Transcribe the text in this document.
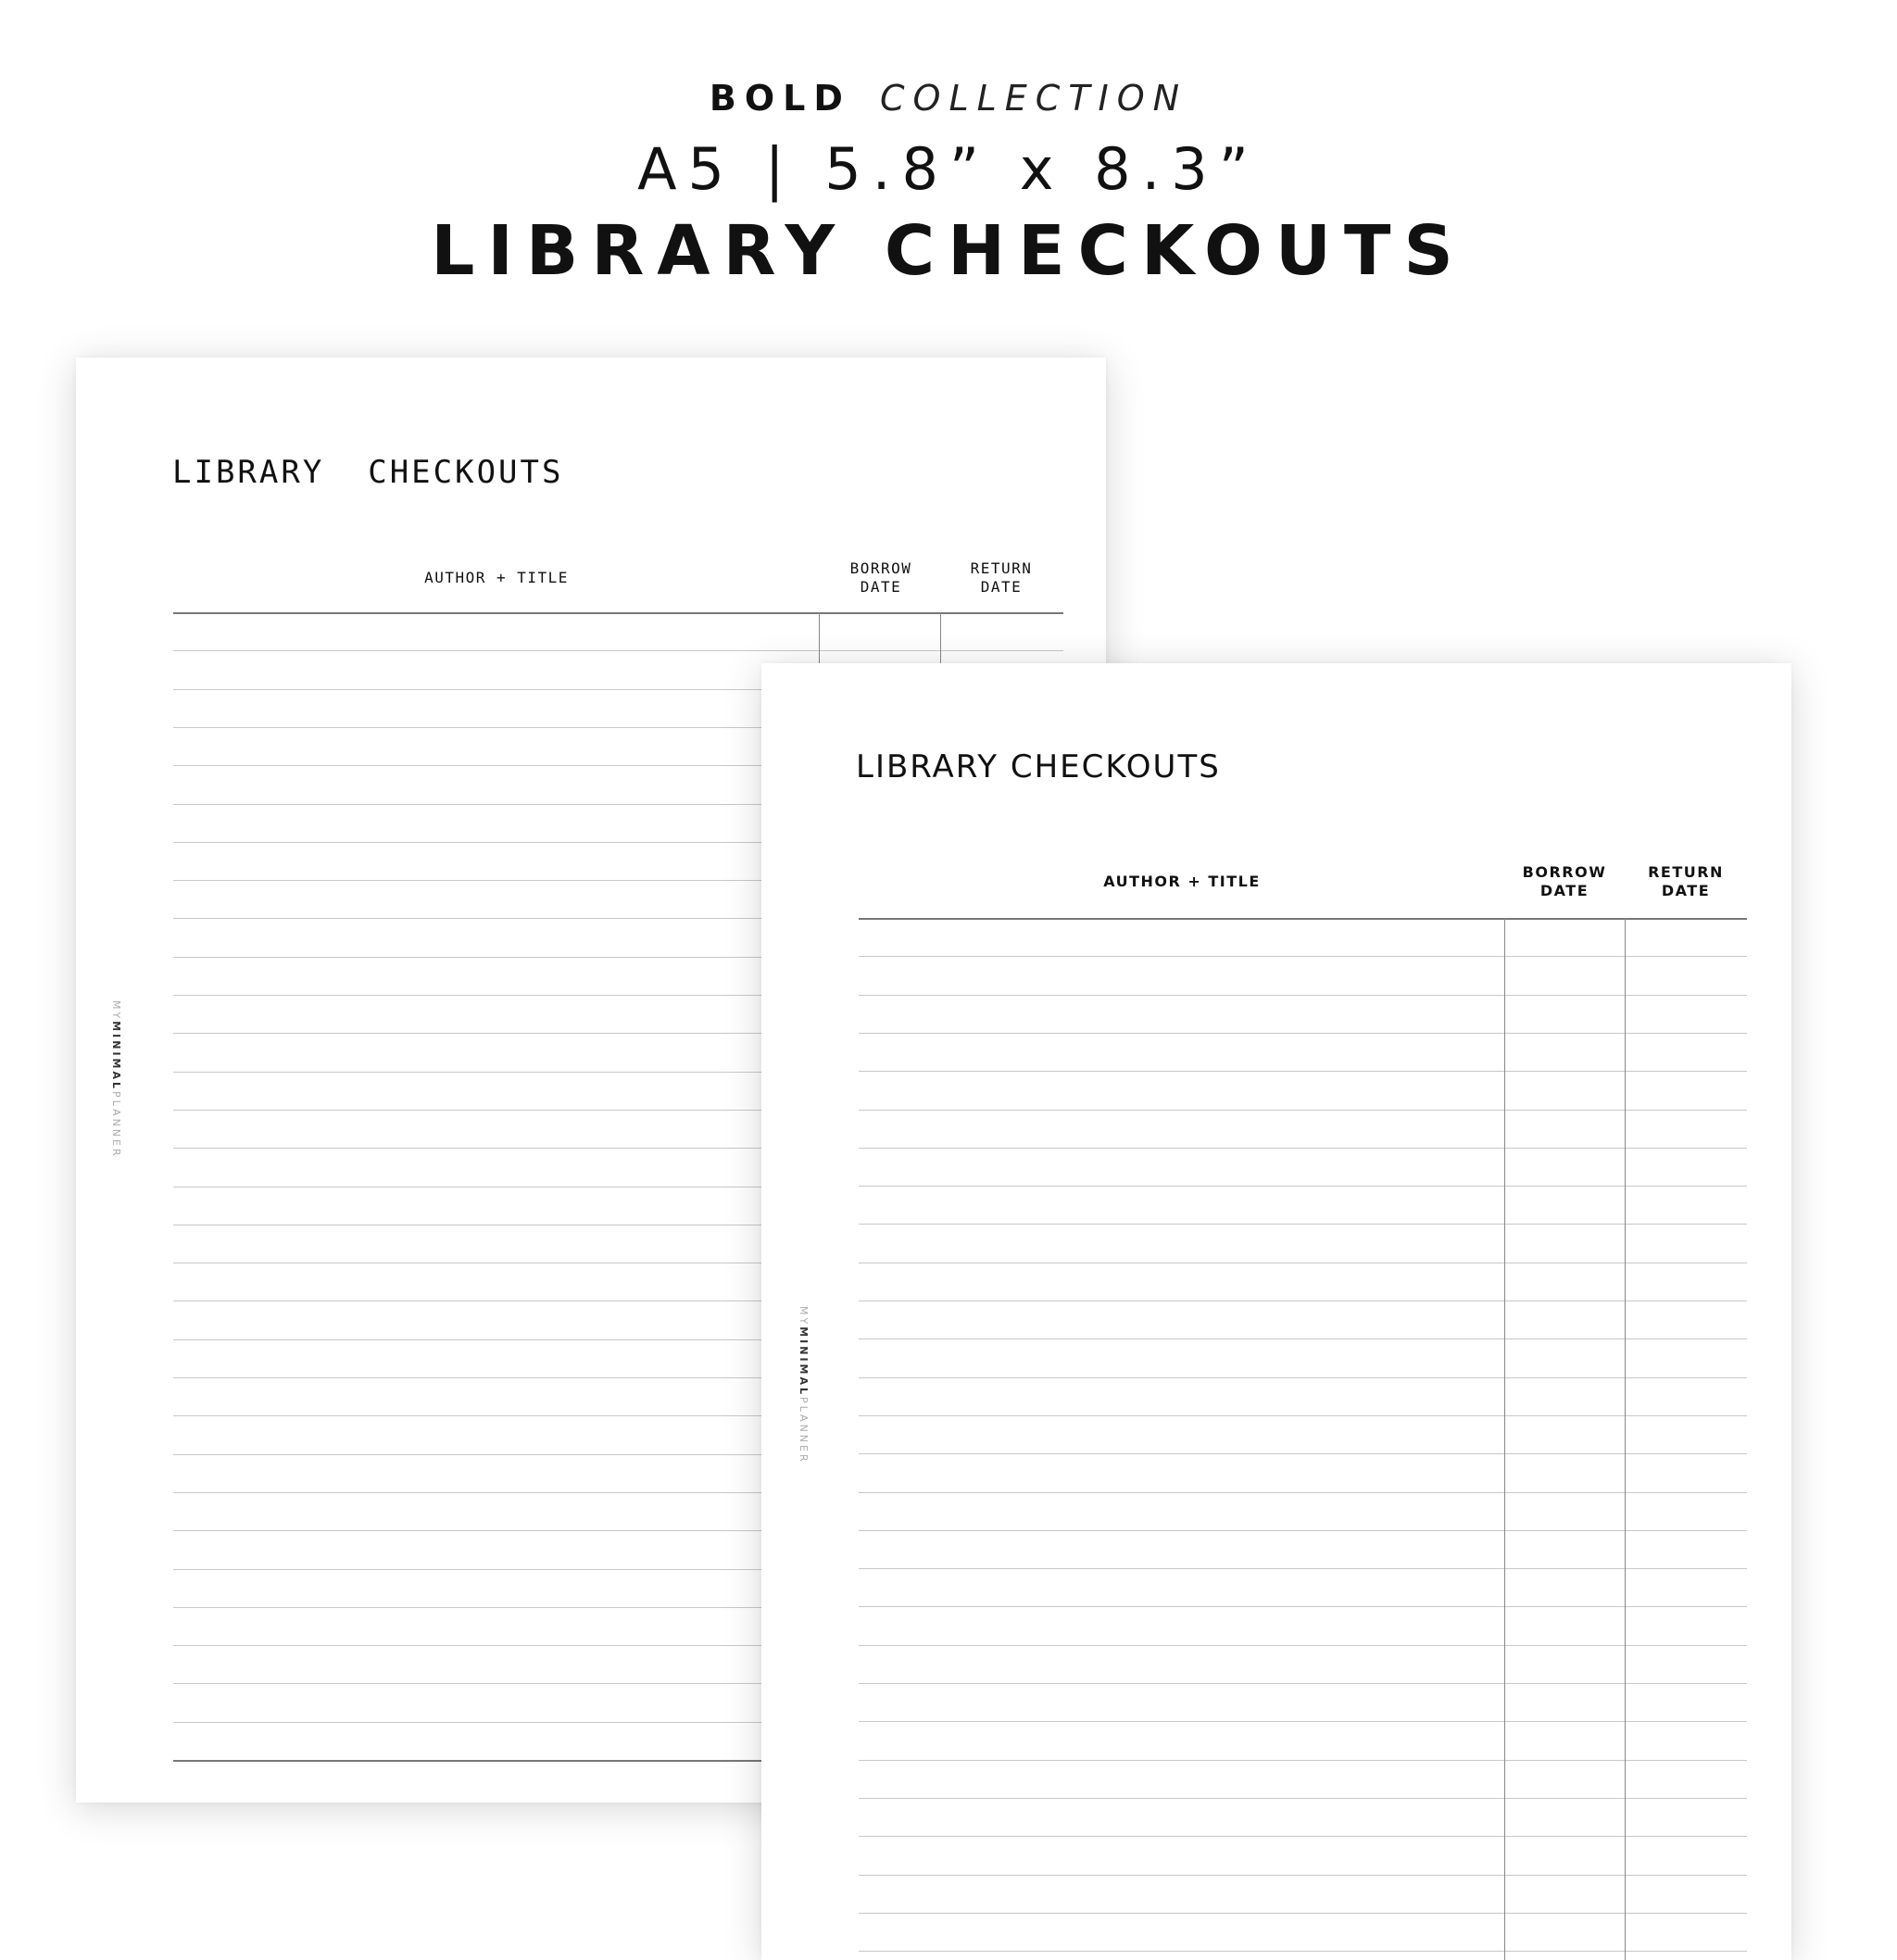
BOLD COLLECTION
A5 | 5.8” x 8.3”
LIBRARY CHECKOUTS
LIBRARY  CHECKOUTS
AUTHOR + TITLE
BORROW
DATE
RETURN
DATE
MYMINIMALPLANNER
LIBRARY CHECKOUTS
AUTHOR + TITLE
BORROW
DATE
RETURN
DATE
MYMINIMALPLANNER
